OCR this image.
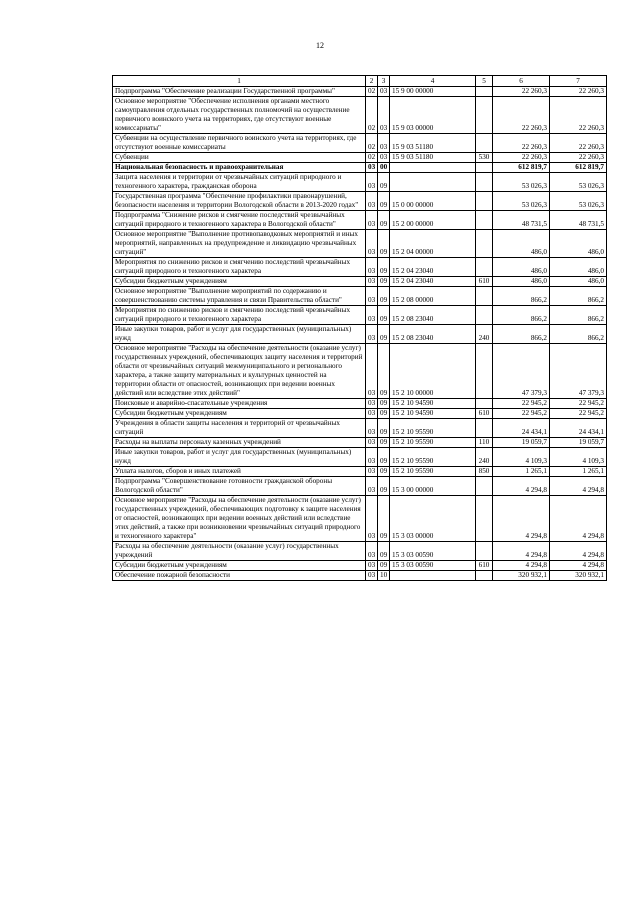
12
1	2	3	4	5	6	7
Подпрограмма "Обеспечение реализации Государственной программы"	02	03	15 9 00 00000		22 260,3	22 260,3
Основное мероприятие "Обеспечение исполнения органами местного самоуправления отдельных государственных полномочий на осуществление первичного воинского учета на территориях, где отсутствуют военные комиссариаты"	02	03	15 9 03 00000		22 260,3	22 260,3
Субвенции на осуществление первичного воинского учета на территориях, где отсутствуют военные комиссариаты	02	03	15 9 03 51180		22 260,3	22 260,3
Субвенции	02	03	15 9 03 51180	530	22 260,3	22 260,3
Национальная безопасность и правоохранительная	03	00			612 819,7	612 819,7
Защита населения и территории от чрезвычайных ситуаций природного и техногенного характера, гражданская оборона	03	09			53 026,3	53 026,3
Государственная программа "Обеспечение профилактики правонарушений, безопасности населения и территории Вологодской области в 2013-2020 годах"	03	09	15 0 00 00000		53 026,3	53 026,3
Подпрограмма "Снижение рисков и смягчение последствий чрезвычайных ситуаций природного и техногенного характера в Вологодской области"	03	09	15 2 00 00000		48 731,5	48 731,5
Основное мероприятие "Выполнение противопаводковых мероприятий и иных мероприятий, направленных на предупреждение и ликвидацию чрезвычайных ситуаций"	03	09	15 2 04 00000		486,0	486,0
Мероприятия по снижению рисков и смягчению последствий чрезвычайных ситуаций природного и техногенного характера	03	09	15 2 04 23040		486,0	486,0
Субсидии бюджетным учреждениям	03	09	15 2 04 23040	610	486,0	486,0
Основное мероприятие "Выполнение мероприятий по содержанию и совершенствованию системы управления и связи Правительства области"	03	09	15 2 08 00000		866,2	866,2
Мероприятия по снижению рисков и смягчению последствий чрезвычайных ситуаций природного и техногенного характера	03	09	15 2 08 23040		866,2	866,2
Иные закупки товаров, работ и услуг для государственных (муниципальных) нужд	03	09	15 2 08 23040	240	866,2	866,2
Основное мероприятие "Расходы на обеспечение деятельности (оказание услуг) государственных учреждений, обеспечивающих защиту населения и территорий области от чрезвычайных ситуаций межмуниципального и регионального характера, а также защиту материальных и культурных ценностей на территории области от опасностей, возникающих при ведении военных действий или вследствие этих действий"	03	09	15 2 10 00000		47 379,3	47 379,3
Поисковые и аварийно-спасательные учреждения	03	09	15 2 10 94590		22 945,2	22 945,2
Субсидии бюджетным учреждениям	03	09	15 2 10 94590	610	22 945,2	22 945,2
Учреждения в области защиты населения и территорий от чрезвычайных ситуаций	03	09	15 2 10 95590		24 434,1	24 434,1
Расходы на выплаты персоналу казенных учреждений	03	09	15 2 10 95590	110	19 059,7	19 059,7
Иные закупки товаров, работ и услуг для государственных (муниципальных) нужд	03	09	15 2 10 95590	240	4 109,3	4 109,3
Уплата налогов, сборов и иных платежей	03	09	15 2 10 95590	850	1 265,1	1 265,1
Подпрограмма "Совершенствование готовности гражданской обороны Вологодской области"	03	09	15 3 00 00000		4 294,8	4 294,8
Основное мероприятие "Расходы на обеспечение деятельности (оказание услуг) государственных учреждений, обеспечивающих подготовку к защите населения от опасностей, возникающих при ведении военных действий или вследствие этих действий, а также при возникновении чрезвычайных ситуаций природного и техногенного характера"	03	09	15 3 03 00000		4 294,8	4 294,8
Расходы на обеспечение деятельности (оказание услуг) государственных учреждений	03	09	15 3 03 00590		4 294,8	4 294,8
Субсидии бюджетным учреждениям	03	09	15 3 03 00590	610	4 294,8	4 294,8
Обеспечение пожарной безопасности	03	10			320 932,1	320 932,1
